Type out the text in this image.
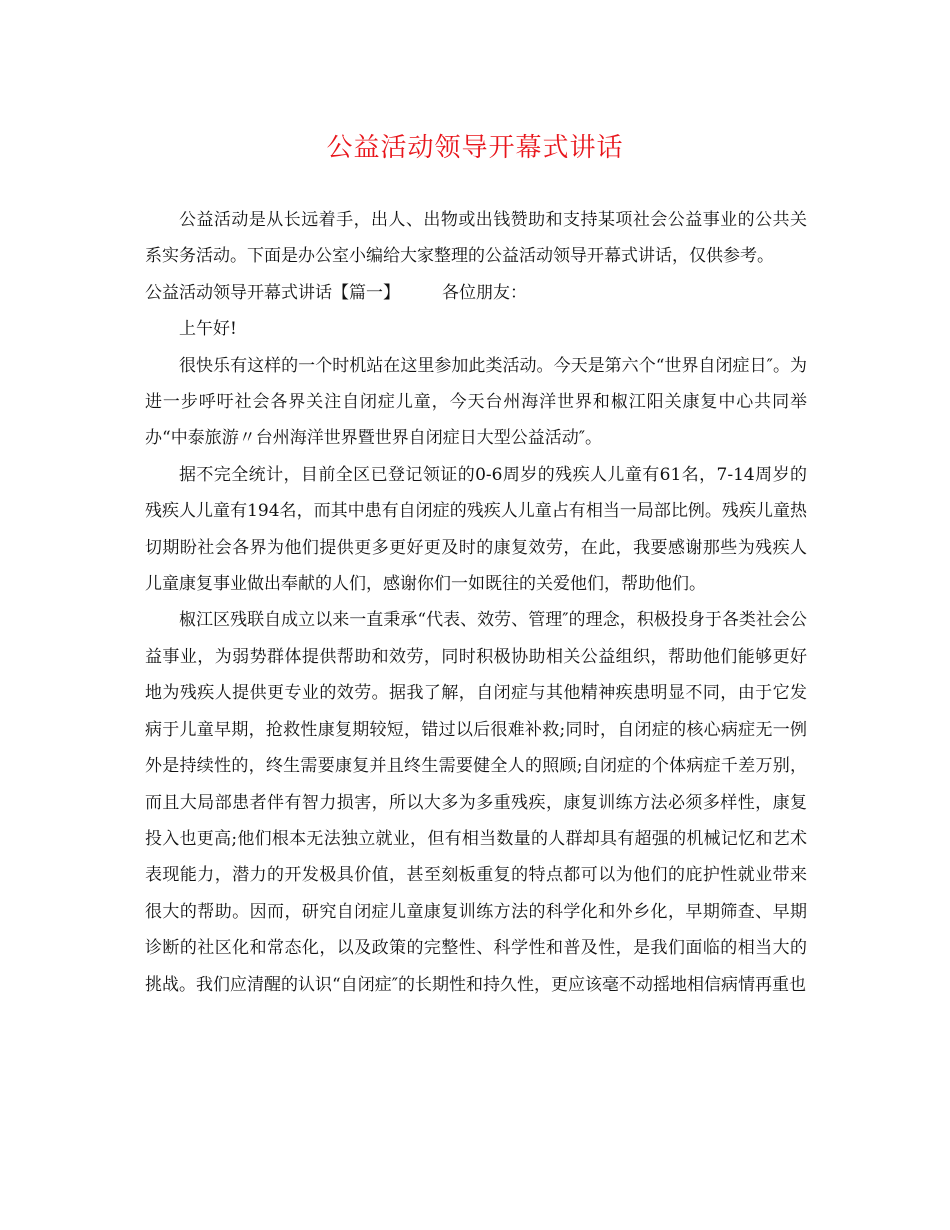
公益活动领导开幕式讲话

公益活动是从长远着手，出人、出物或出钱赞助和支持某项社会公益事业的公共关系实务活动。下面是办公室小编给大家整理的公益活动领导开幕式讲话，仅供参考。

公益活动领导开幕式讲话【篇一】 各位朋友：

上午好!

很快乐有这样的一个时机站在这里参加此类活动。今天是第六个“世界自闭症日″。为进一步呼吁社会各界关注自闭症儿童，今天台州海洋世界和椒江阳关康复中心共同举办“中泰旅游〃台州海洋世界暨世界自闭症日大型公益活动″。

据不完全统计，目前全区已登记领证的0-6周岁的残疾人儿童有61名，7-14周岁的残疾人儿童有194名，而其中患有自闭症的残疾人儿童占有相当一局部比例。残疾儿童热切期盼社会各界为他们提供更多更好更及时的康复效劳，在此，我要感谢那些为残疾人儿童康复事业做出奉献的人们，感谢你们一如既往的关爱他们，帮助他们。

椒江区残联自成立以来一直秉承“代表、效劳、管理″的理念，积极投身于各类社会公益事业，为弱势群体提供帮助和效劳，同时积极协助相关公益组织，帮助他们能够更好地为残疾人提供更专业的效劳。据我了解，自闭症与其他精神疾患明显不同，由于它发病于儿童早期，抢救性康复期较短，错过以后很难补救;同时，自闭症的核心病症无一例外是持续性的，终生需要康复并且终生需要健全人的照顾;自闭症的个体病症千差万别，而且大局部患者伴有智力损害，所以大多为多重残疾，康复训练方法必须多样性，康复投入也更高;他们根本无法独立就业，但有相当数量的人群却具有超强的机械记忆和艺术表现能力，潜力的开发极具价值，甚至刻板重复的特点都可以为他们的庇护性就业带来很大的帮助。因而，研究自闭症儿童康复训练方法的科学化和外乡化，早期筛查、早期诊断的社区化和常态化，以及政策的完整性、科学性和普及性，是我们面临的相当大的挑战。我们应清醒的认识“自闭症″的长期性和持久性，更应该毫不动摇地相信病情再重也
